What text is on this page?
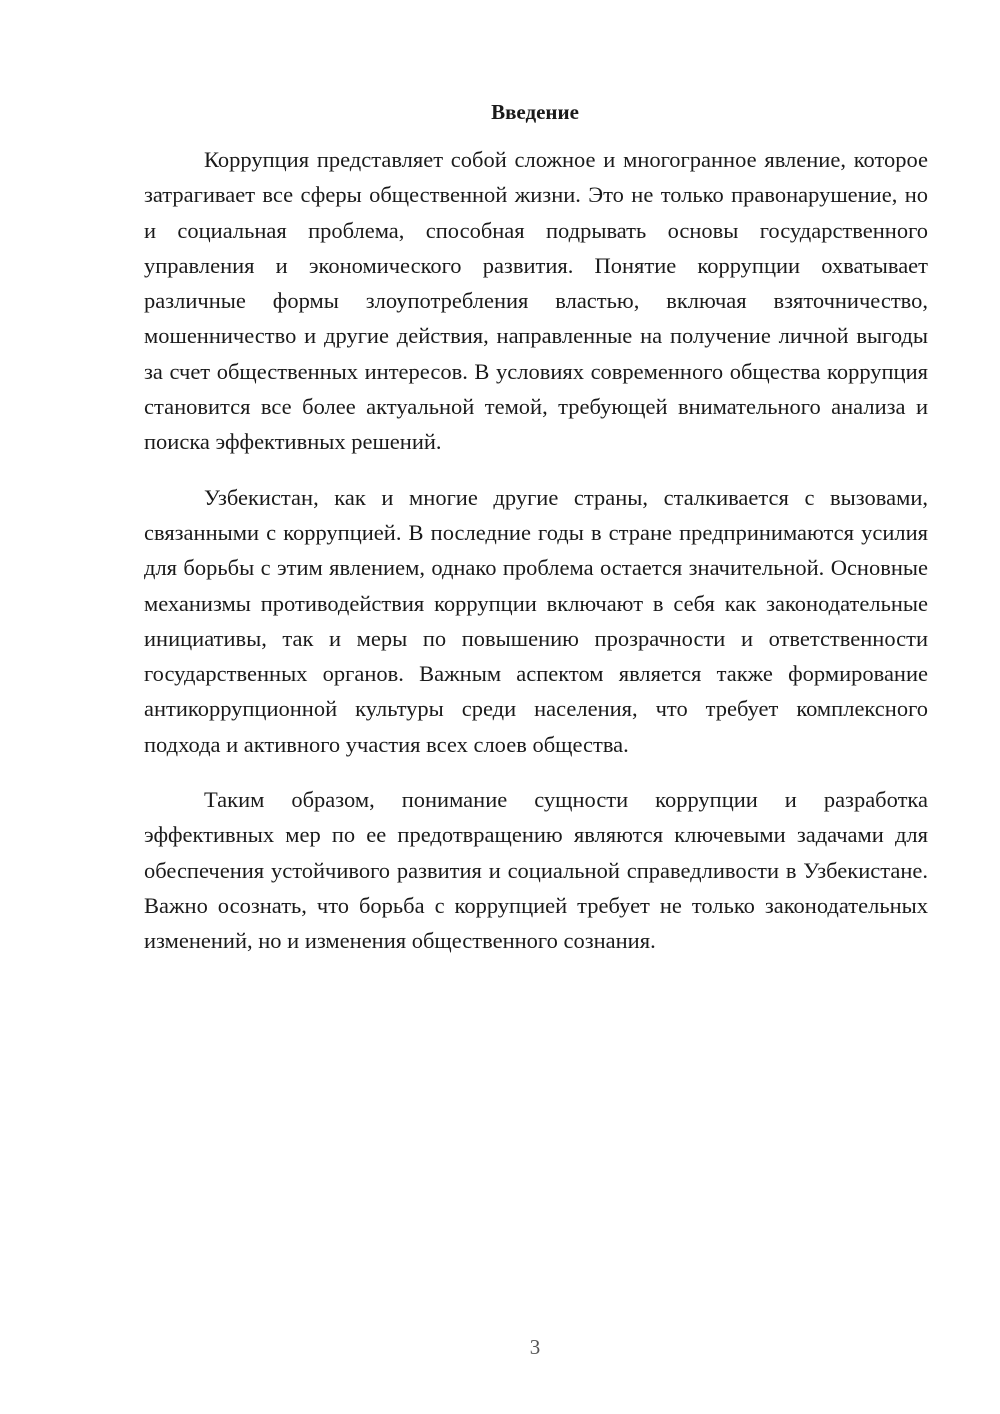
Введение

Коррупция представляет собой сложное и многогранное явление, которое затрагивает все сферы общественной жизни. Это не только правонарушение, но и социальная проблема, способная подрывать основы государственного управления и экономического развития. Понятие коррупции охватывает различные формы злоупотребления властью, включая взяточничество, мошенничество и другие действия, направленные на получение личной выгоды за счет общественных интересов. В условиях современного общества коррупция становится все более актуальной темой, требующей внимательного анализа и поиска эффективных решений.

Узбекистан, как и многие другие страны, сталкивается с вызовами, связанными с коррупцией. В последние годы в стране предпринимаются усилия для борьбы с этим явлением, однако проблема остается значительной. Основные механизмы противодействия коррупции включают в себя как законодательные инициативы, так и меры по повышению прозрачности и ответственности государственных органов. Важным аспектом является также формирование антикоррупционной культуры среди населения, что требует комплексного подхода и активного участия всех слоев общества.

Таким образом, понимание сущности коррупции и разработка эффективных мер по ее предотвращению являются ключевыми задачами для обеспечения устойчивого развития и социальной справедливости в Узбекистане. Важно осознать, что борьба с коррупцией требует не только законодательных изменений, но и изменения общественного сознания.

3
